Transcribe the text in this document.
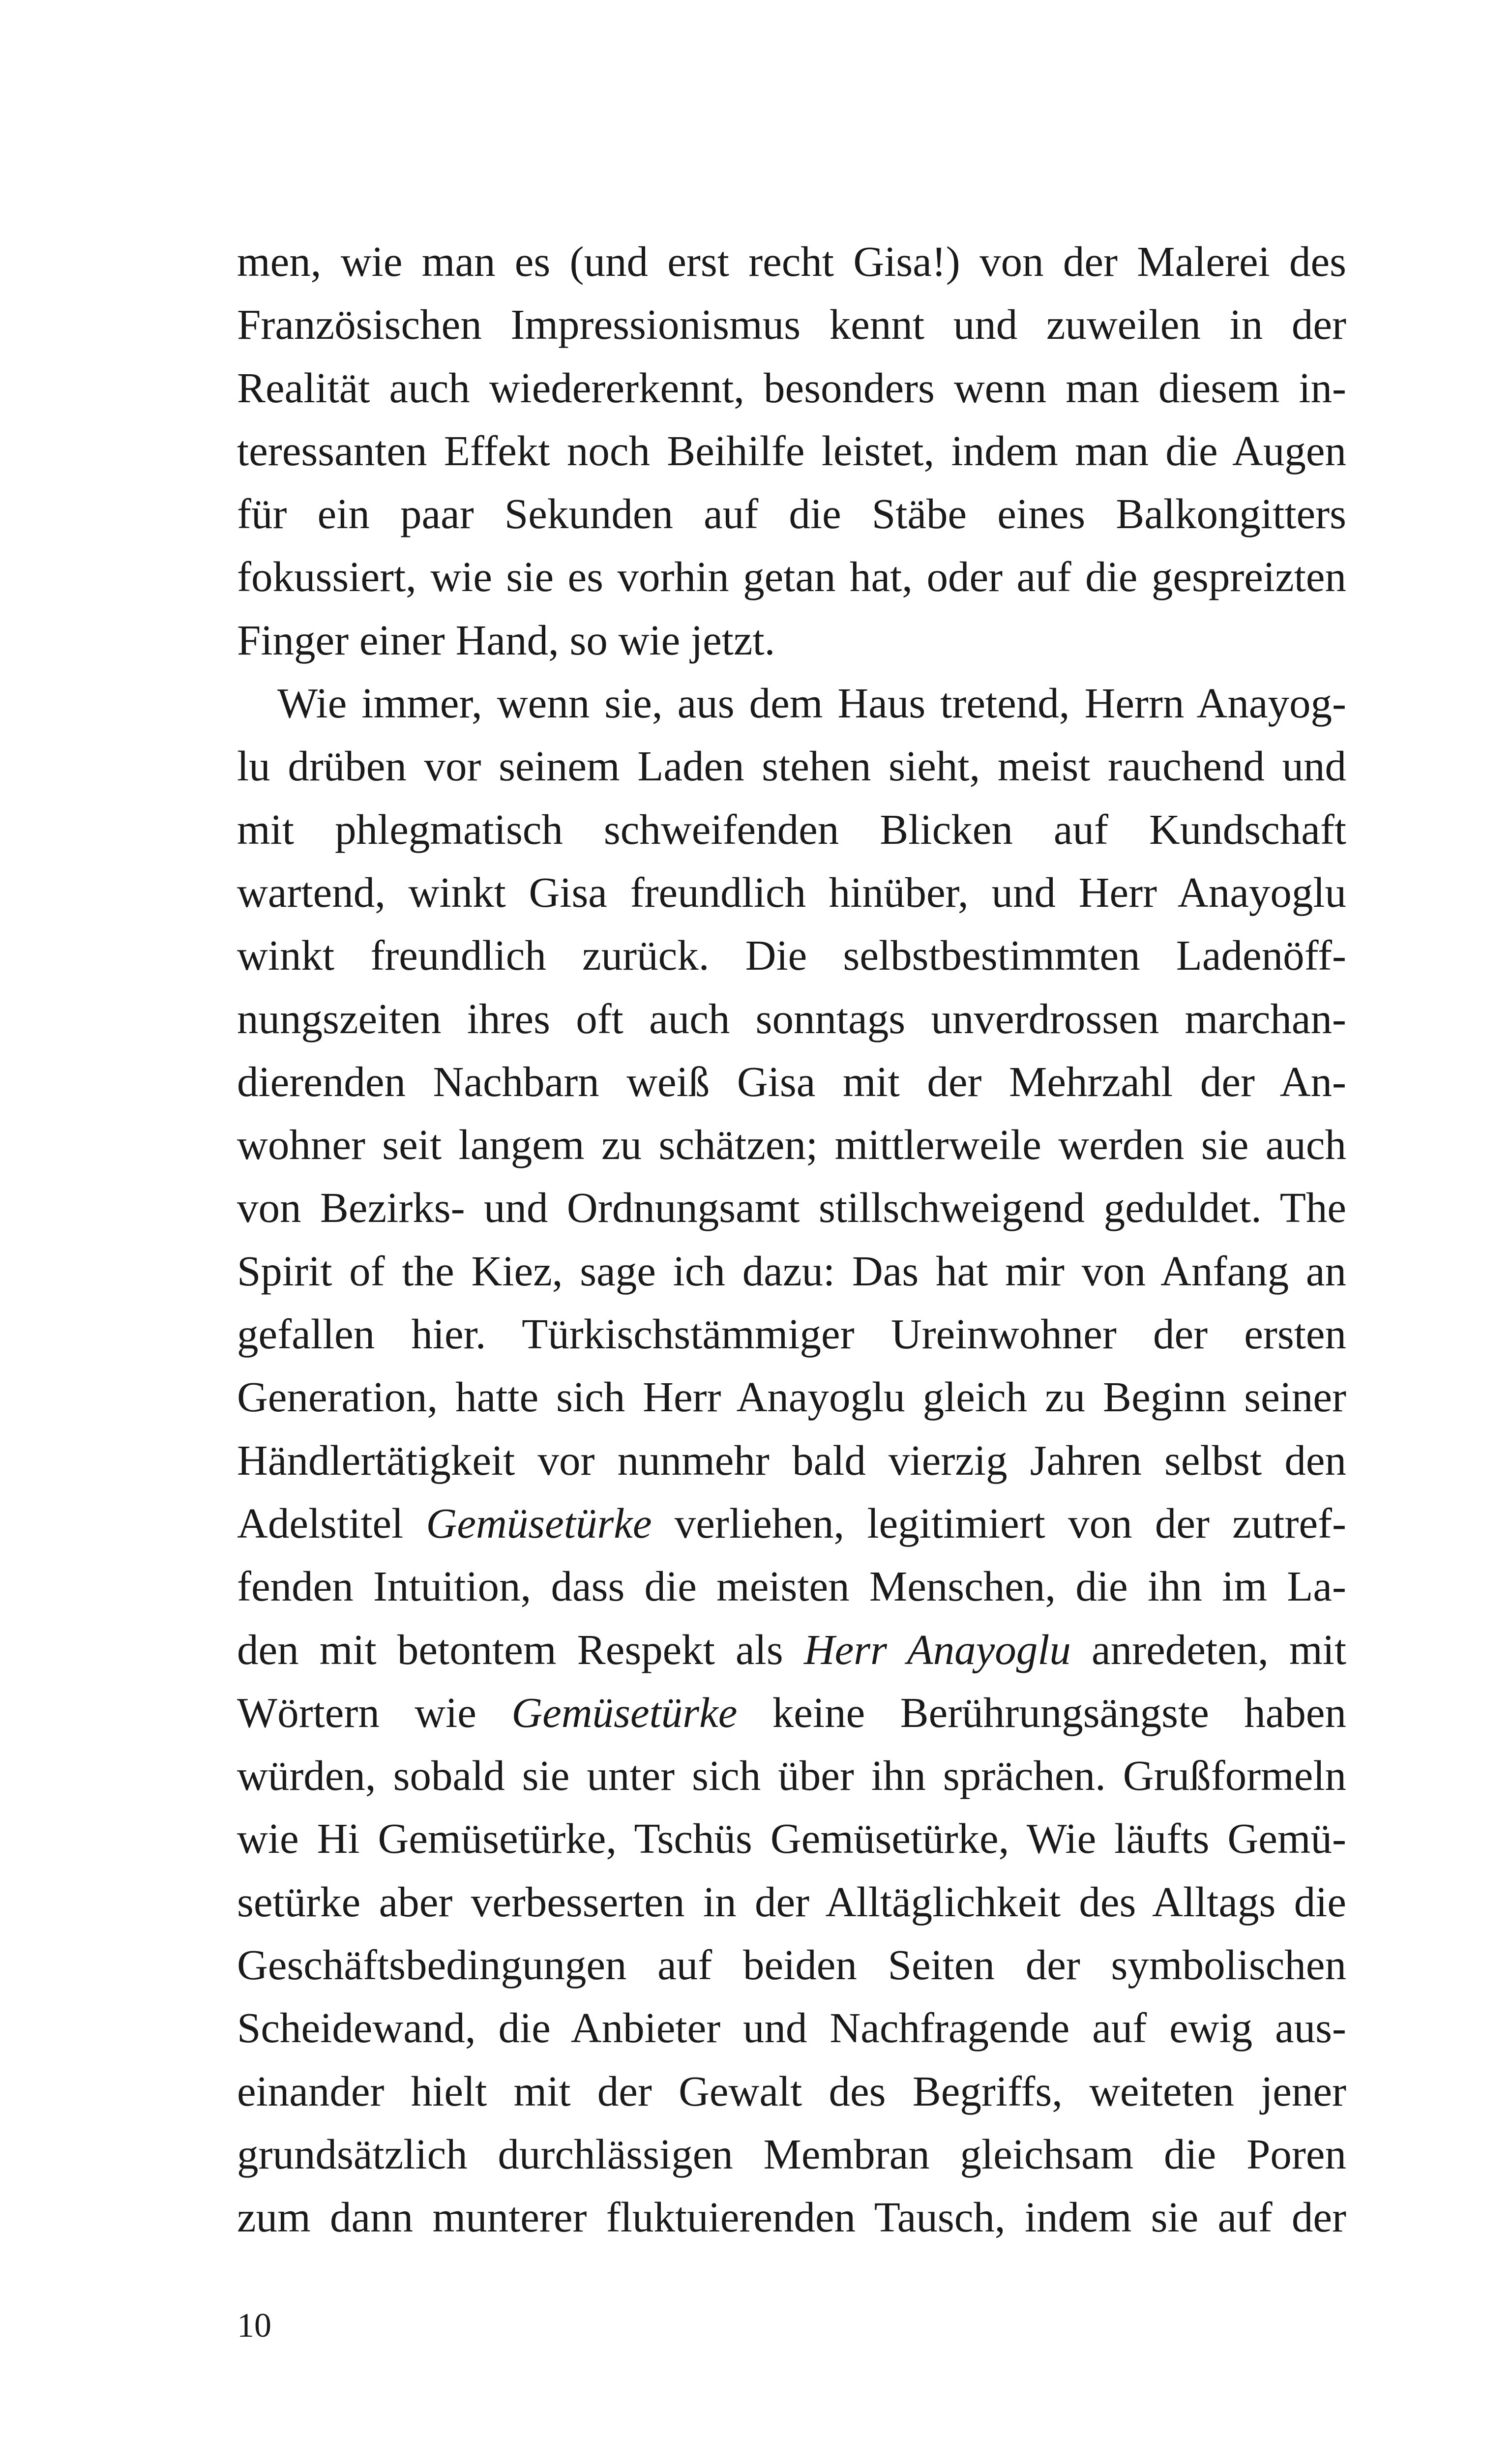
men, wie man es (und erst recht Gisa!) von der Malerei des
Französischen Impressionismus kennt und zuweilen in der
Realität auch wiedererkennt, besonders wenn man diesem in-
teressanten Effekt noch Beihilfe leistet, indem man die Augen
für ein paar Sekunden auf die Stäbe eines Balkongitters
fokussiert, wie sie es vorhin getan hat, oder auf die gespreizten
Finger einer Hand, so wie jetzt.
Wie immer, wenn sie, aus dem Haus tretend, Herrn Anayog-
lu drüben vor seinem Laden stehen sieht, meist rauchend und
mit phlegmatisch schweifenden Blicken auf Kundschaft
wartend, winkt Gisa freundlich hinüber, und Herr Anayoglu
winkt freundlich zurück. Die selbstbestimmten Ladenöff-
nungszeiten ihres oft auch sonntags unverdrossen marchan-
dierenden Nachbarn weiß Gisa mit der Mehrzahl der An-
wohner seit langem zu schätzen; mittlerweile werden sie auch
von Bezirks- und Ordnungsamt stillschweigend geduldet. The
Spirit of the Kiez, sage ich dazu: Das hat mir von Anfang an
gefallen hier. Türkischstämmiger Ureinwohner der ersten
Generation, hatte sich Herr Anayoglu gleich zu Beginn seiner
Händlertätigkeit vor nunmehr bald vierzig Jahren selbst den
Adelstitel Gemüsetürke verliehen, legitimiert von der zutref-
fenden Intuition, dass die meisten Menschen, die ihn im La-
den mit betontem Respekt als Herr Anayoglu anredeten, mit
Wörtern wie Gemüsetürke keine Berührungsängste haben
würden, sobald sie unter sich über ihn sprächen. Grußformeln
wie Hi Gemüsetürke, Tschüs Gemüsetürke, Wie läufts Gemü-
setürke aber verbesserten in der Alltäglichkeit des Alltags die
Geschäftsbedingungen auf beiden Seiten der symbolischen
Scheidewand, die Anbieter und Nachfragende auf ewig aus-
einander hielt mit der Gewalt des Begriffs, weiteten jener
grundsätzlich durchlässigen Membran gleichsam die Poren
zum dann munterer fluktuierenden Tausch, indem sie auf der
10
